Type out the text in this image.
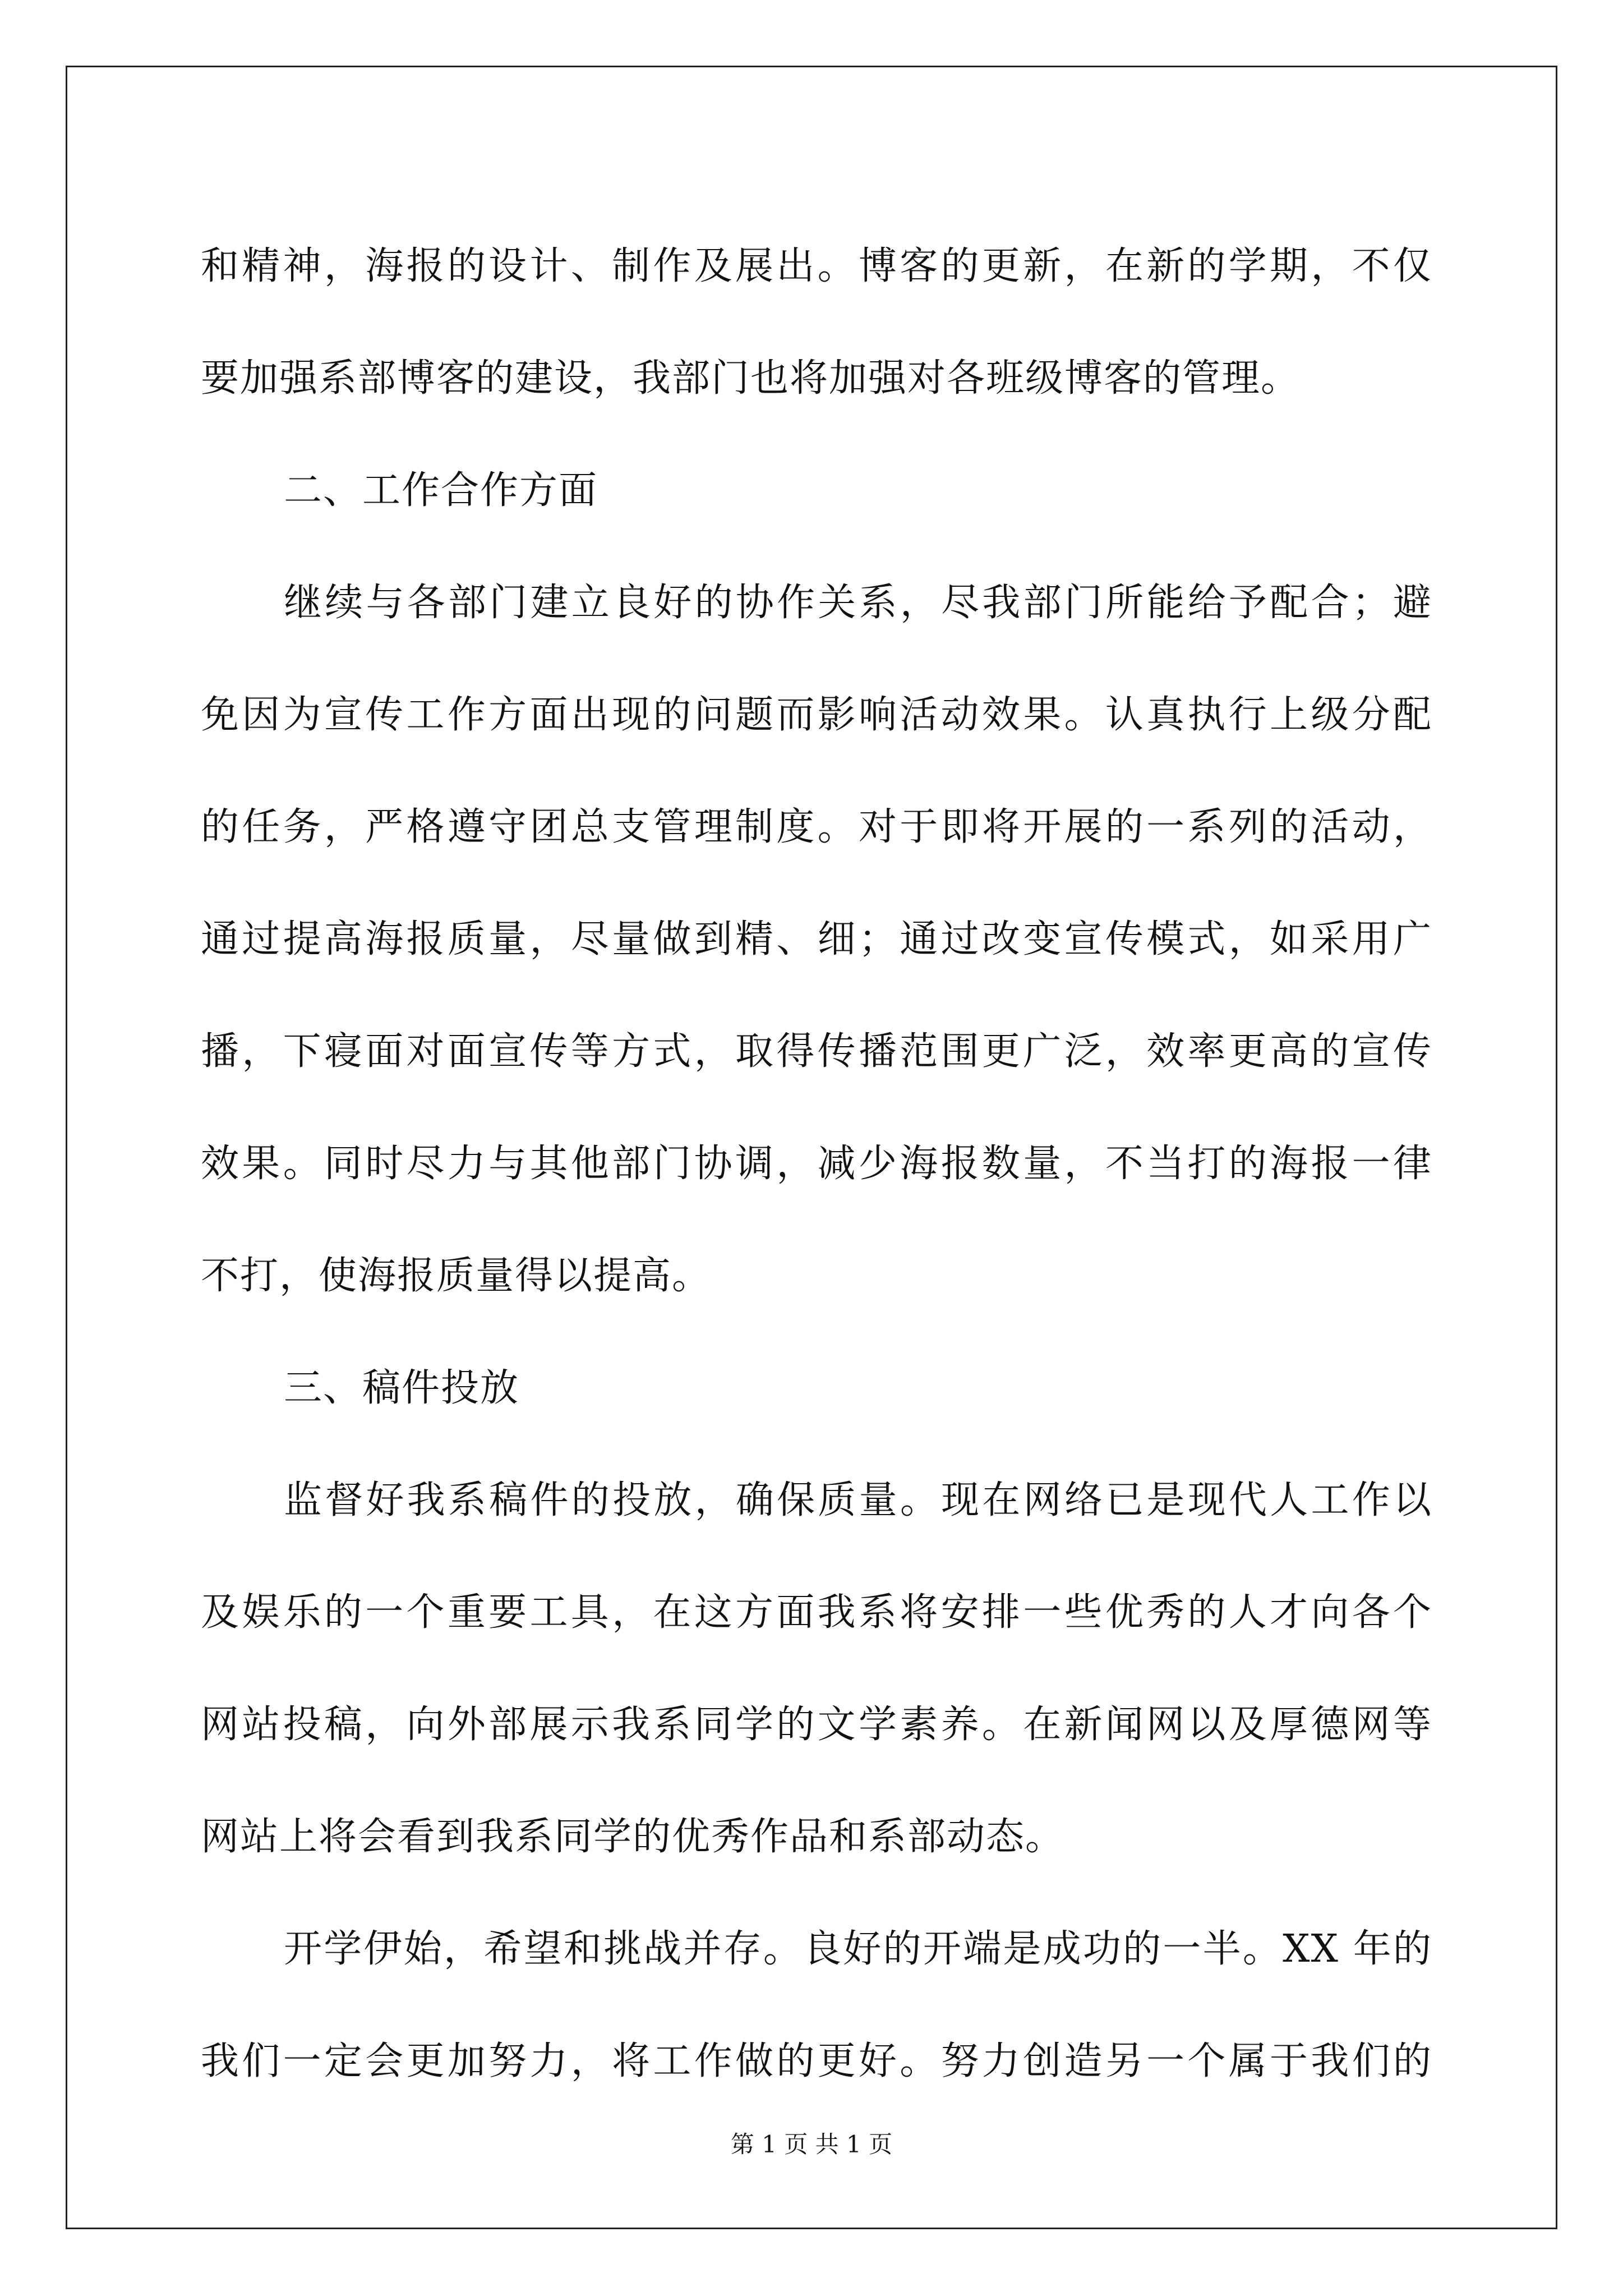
和精神，海报的设计、制作及展出。博客的更新，在新的学期，不仅
要加强系部博客的建设，我部门也将加强对各班级博客的管理。
二、工作合作方面
继续与各部门建立良好的协作关系，尽我部门所能给予配合；避
免因为宣传工作方面出现的问题而影响活动效果。认真执行上级分配
的任务，严格遵守团总支管理制度。对于即将开展的一系列的活动，
通过提高海报质量，尽量做到精、细；通过改变宣传模式，如采用广
播，下寝面对面宣传等方式，取得传播范围更广泛，效率更高的宣传
效果。同时尽力与其他部门协调，减少海报数量，不当打的海报一律
不打，使海报质量得以提高。
三、稿件投放
监督好我系稿件的投放，确保质量。现在网络已是现代人工作以
及娱乐的一个重要工具，在这方面我系将安排一些优秀的人才向各个
网站投稿，向外部展示我系同学的文学素养。在新闻网以及厚德网等
网站上将会看到我系同学的优秀作品和系部动态。
开学伊始，希望和挑战并存。良好的开端是成功的一半。XX 年的
我们一定会更加努力，将工作做的更好。努力创造另一个属于我们的
第 1 页 共 1 页
